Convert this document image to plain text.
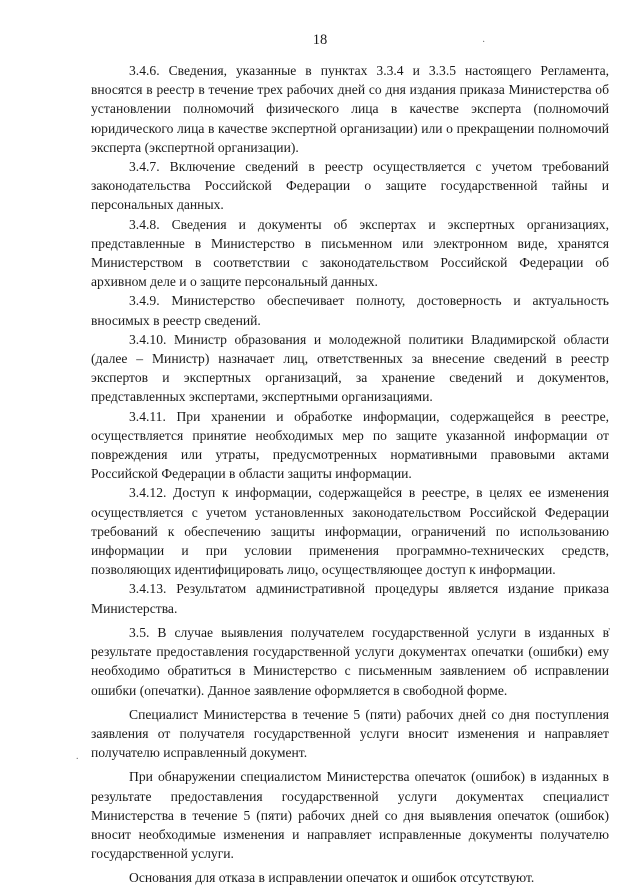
18

3.4.6. Сведения, указанные в пунктах 3.3.4 и 3.3.5 настоящего Регламента, вносятся в реестр в течение трех рабочих дней со дня издания приказа Министерства об установлении полномочий физического лица в качестве эксперта (полномочий юридического лица в качестве экспертной организации) или о прекращении полномочий эксперта (экспертной организации).

3.4.7. Включение сведений в реестр осуществляется с учетом требований законодательства Российской Федерации о защите государственной тайны и персональных данных.

3.4.8. Сведения и документы об экспертах и экспертных организациях, представленные в Министерство в письменном или электронном виде, хранятся Министерством в соответствии с законодательством Российской Федерации об архивном деле и о защите персональный данных.

3.4.9. Министерство обеспечивает полноту, достоверность и актуальность вносимых в реестр сведений.

3.4.10. Министр образования и молодежной политики Владимирской области (далее – Министр) назначает лиц, ответственных за внесение сведений в реестр экспертов и экспертных организаций, за хранение сведений и документов, представленных экспертами, экспертными организациями.

3.4.11. При хранении и обработке информации, содержащейся в реестре, осуществляется принятие необходимых мер по защите указанной информации от повреждения или утраты, предусмотренных нормативными правовыми актами Российской Федерации в области защиты информации.

3.4.12. Доступ к информации, содержащейся в реестре, в целях ее изменения осуществляется с учетом установленных законодательством Российской Федерации требований к обеспечению защиты информации, ограничений по использованию информации и при условии применения программно-технических средств, позволяющих идентифицировать лицо, осуществляющее доступ к информации.

3.4.13. Результатом административной процедуры является издание приказа Министерства.

3.5. В случае выявления получателем государственной услуги в изданных в результате предоставления государственной услуги документах опечатки (ошибки) ему необходимо обратиться в Министерство с письменным заявлением об исправлении ошибки (опечатки). Данное заявление оформляется в свободной форме.

Специалист Министерства в течение 5 (пяти) рабочих дней со дня поступления заявления от получателя государственной услуги вносит изменения и направляет получателю исправленный документ.

При обнаружении специалистом Министерства опечаток (ошибок) в изданных в результате предоставления государственной услуги документах специалист Министерства в течение 5 (пяти) рабочих дней со дня выявления опечаток (ошибок) вносит необходимые изменения и направляет исправленные документы получателю государственной услуги.

Основания для отказа в исправлении опечаток и ошибок отсутствуют.

·
,
.
